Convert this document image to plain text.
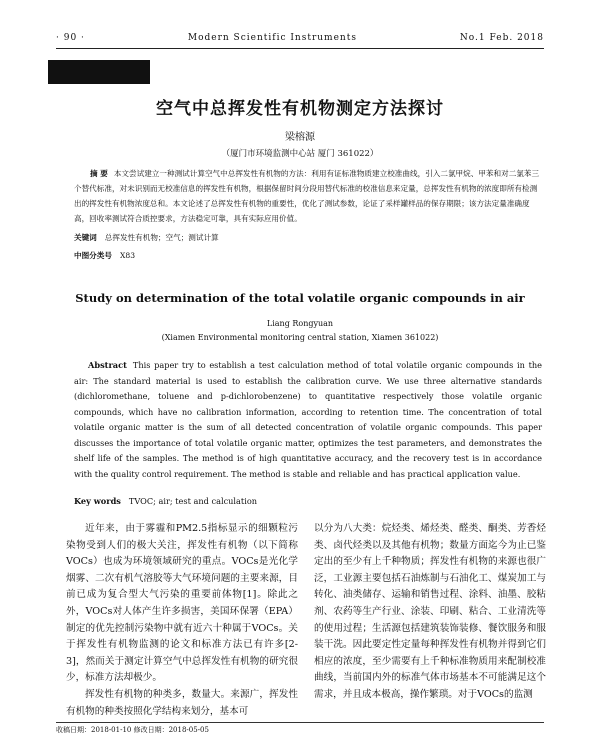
· 90 ·	Modern Scientific Instruments	No.1 Feb. 2018
空气中总挥发性有机物测定方法探讨
梁榕源
（厦门市环境监测中心站 厦门 361022）
摘 要 本文尝试建立一种测试计算空气中总挥发性有机物的方法：利用有证标准物质建立校准曲线，引入二氯甲烷、甲苯和对二氯苯三个替代标准，对未识别而无校准信息的挥发性有机物，根据保留时间分段用替代标准的校准信息来定量，总挥发性有机物的浓度即所有检测出的挥发性有机物浓度总和。本文论述了总挥发性有机物的重要性，优化了测试参数，论证了采样罐样品的保存期限；该方法定量准确度高，回收率测试符合质控要求，方法稳定可靠，具有实际应用价值。
关键词 总挥发性有机物；空气；测试计算
中图分类号 X83
Study on determination of the total volatile organic compounds in air
Liang Rongyuan
(Xiamen Environmental monitoring central station, Xiamen 361022)
Abstract This paper try to establish a test calculation method of total volatile organic compounds in the air: The standard material is used to establish the calibration curve. We use three alternative standards (dichloromethane, toluene and p-dichlorobenzene) to quantitative respectively those volatile organic compounds, which have no calibration information, according to retention time. The concentration of total volatile organic matter is the sum of all detected concentration of volatile organic compounds. This paper discusses the importance of total volatile organic matter, optimizes the test parameters, and demonstrates the shelf life of the samples. The method is of high quantitative accuracy, and the recovery test is in accordance with the quality control requirement. The method is stable and reliable and has practical application value.
Key words TVOC; air; test and calculation
近年来，由于雾霾和PM2.5指标显示的细颗粒污染物受到人们的极大关注，挥发性有机物（以下简称VOCs）也成为环境领域研究的重点。VOCs是光化学烟雾、二次有机气溶胶等大气环境问题的主要来源，目前已成为复合型大气污染的重要前体物[1]。除此之外，VOCs对人体产生许多损害，美国环保署（EPA）制定的优先控制污染物中就有近六十种属于VOCs。关于挥发性有机物监测的论文和标准方法已有许多[2-3]，然而关于测定计算空气中总挥发性有机物的研究很少，标准方法却极少。
挥发性有机物的种类多，数量大。来源广，挥发性有机物的种类按照化学结构来划分，基本可
以分为八大类：烷烃类、烯烃类、醛类、酮类、芳香烃类、卤代烃类以及其他有机物；数量方面迄今为止已鉴定出的至少有上千种物质；挥发性有机物的来源也很广泛，工业源主要包括石油炼制与石油化工、煤炭加工与转化、油类储存、运输和销售过程、涂料、油墨、胶粘剂、农药等生产行业、涂装、印刷、粘合、工业清洗等的使用过程；生活源包括建筑装饰装修、餐饮服务和服装干洗。因此要定性定量每种挥发性有机物并得到它们相应的浓度，至少需要有上千种标准物质用来配制校准曲线，当前国内外的标准气体市场基本不可能满足这个需求，并且成本极高，操作繁琐。对于VOCs的监测
收稿日期：2018-01-10 修改日期：2018-05-05
